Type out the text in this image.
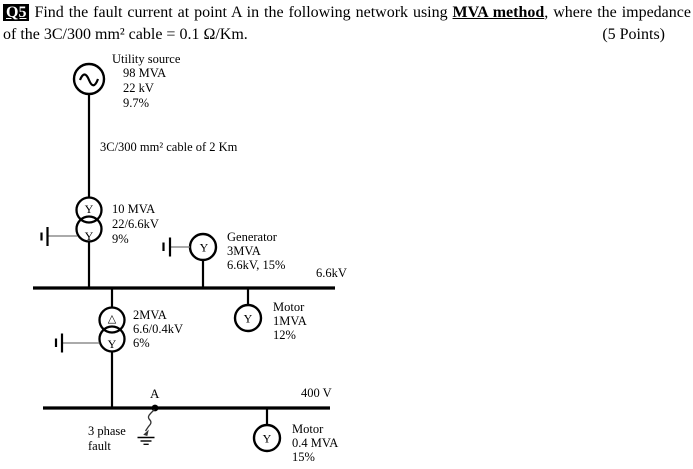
Q5 Find the fault current at point A in the following network using MVA method, where the impedance
of the 3C/300 mm² cable = 0.1 Ω/Km.	(5 Points)
Y
Y
Y
Y
△
Y
Y
Utility source
98 MVA
22 kV
9.7%
3C/300 mm² cable of 2 Km
10 MVA
22/6.6kV
9%	Generator
3MVA
6.6kV, 15%
6.6kV
Motor
1MVA
12%
2MVA
6.6/0.4kV
6%
400 V
A
3 phase
fault
Motor
0.4 MVA
15%
